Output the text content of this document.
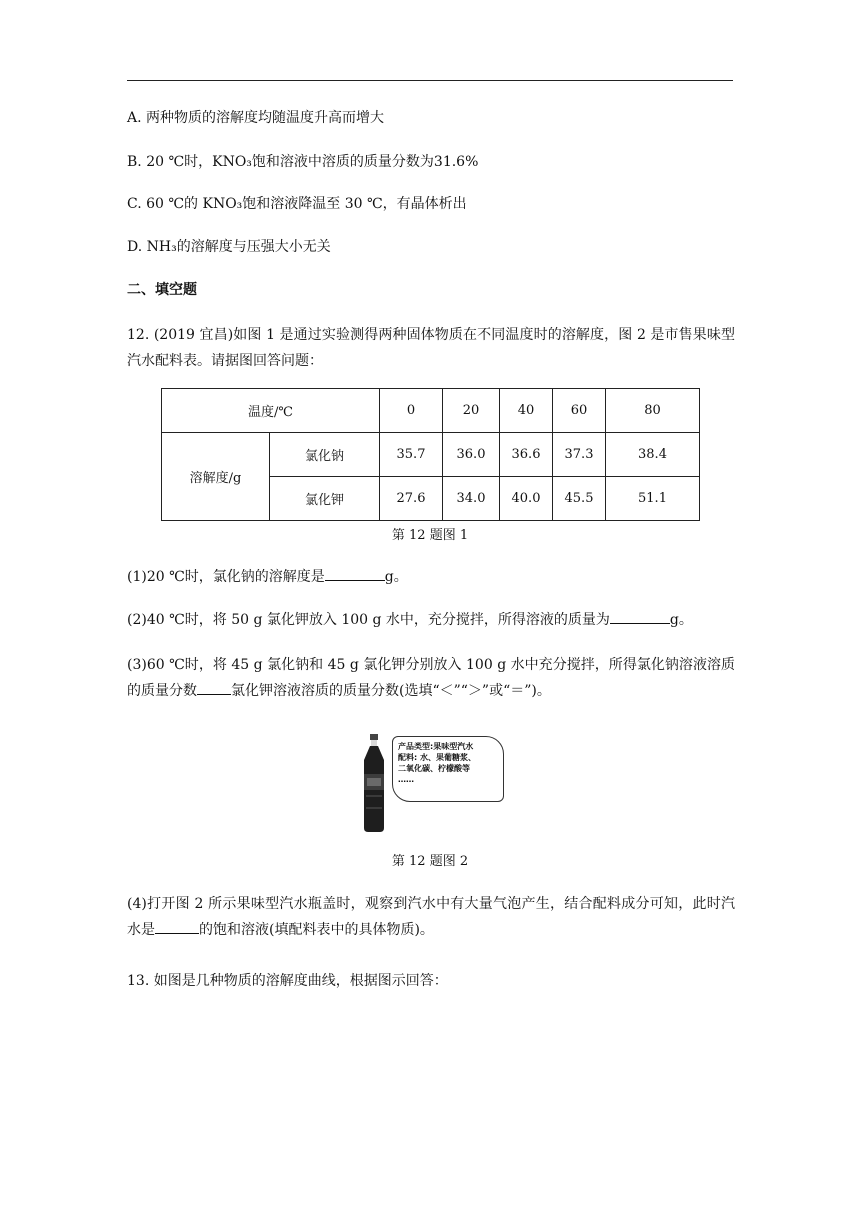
A. 两种物质的溶解度均随温度升高而增大
B. 20 ℃时，KNO₃饱和溶液中溶质的质量分数为31.6%
C. 60 ℃的 KNO₃饱和溶液降温至 30 ℃，有晶体析出
D. NH₃的溶解度与压强大小无关
二、填空题
12. (2019 宜昌)如图 1 是通过实验测得两种固体物质在不同温度时的溶解度，图 2 是市售果味型汽水配料表。请据图回答问题：
温度/℃		0	20	40	60	80
溶解度/g	氯化钠	35.7	36.0	36.6	37.3	38.4
	氯化钾	27.6	34.0	40.0	45.5	51.1
第 12 题图 1
(1)20 ℃时，氯化钠的溶解度是	g。
(2)40 ℃时，将 50 g 氯化钾放入 100 g 水中，充分搅拌，所得溶液的质量为	g。
(3)60 ℃时，将 45 g 氯化钠和 45 g 氯化钾分别放入 100 g 水中充分搅拌，所得氯化钠溶液溶质的质量分数 氯化钾溶液溶质的质量分数(选填“＜”“＞”或“＝”)。
产品类型:果味型汽水
配料: 水、果葡糖浆、
二氧化碳、柠檬酸等
……
第 12 题图 2
(4)打开图 2 所示果味型汽水瓶盖时，观察到汽水中有大量气泡产生，结合配料成分可知，此时汽水是	的饱和溶液(填配料表中的具体物质)。
13. 如图是几种物质的溶解度曲线，根据图示回答：
